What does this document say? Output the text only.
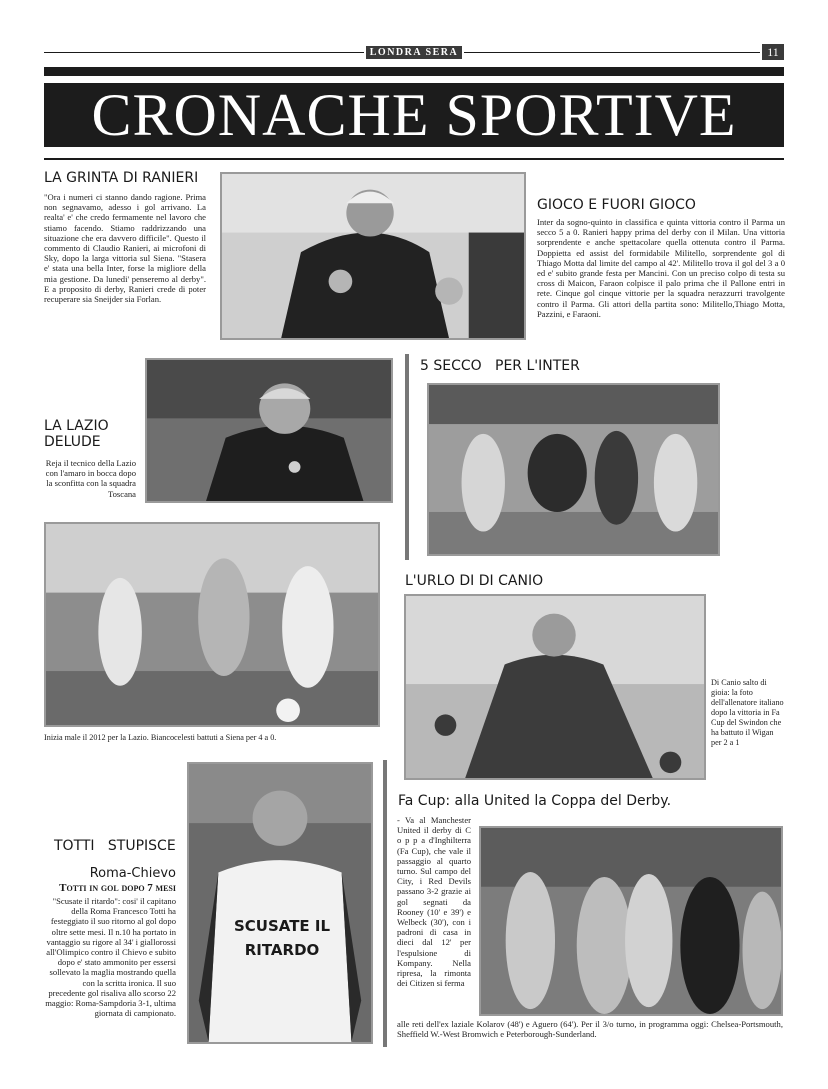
LONDRA SERA	11
CRONACHE SPORTIVE
LA GRINTA DI RANIERI
"Ora i numeri ci stanno dando ragione. Prima non segnavamo, adesso i gol arrivano. La realta' e' che credo fermamente nel lavoro che stiamo facendo. Stiamo raddrizzando una situazione che era davvero difficile". Questo il commento di Claudio Ranieri, ai microfoni di Sky, dopo la larga vittoria sul Siena. "Stasera e' stata una bella Inter, forse la migliore della mia gestione. Da lunedi' penseremo al derby". E a proposito di derby, Ranieri crede di poter recuperare sia Sneijder sia Forlan.
GIOCO E FUORI GIOCO
Inter da sogno-quinto in classifica e quinta vittoria contro il Parma un secco 5 a 0. Ranieri happy prima del derby con il Milan. Una vittoria sorprendente e anche spettacolare quella ottenuta contro il Parma. Doppietta ed assist del formidabile Militello, sorprendente gol di Thiago Motta dal limite del campo al 42'. Militello trova il gol del 3 a 0 ed e' subito grande festa per Mancini. Con un preciso colpo di testa su cross di Maicon, Faraon colpisce il palo prima che il Pallone entri in rete. Cinque gol cinque vittorie per la squadra nerazzurri travolgente contro il Parma. Gli attori della partita sono: Militello,Thiago Motta, Pazzini, e Faraoni.
LA LAZIO
DELUDE
Reja il tecnico della Lazio con l'amaro in bocca dopo la sconfitta con la squadra Toscana
5 SECCO   PER L'INTER
Inizia male il 2012 per la Lazio. Biancocelesti battuti a Siena per 4 a 0.
L'URLO DI DI CANIO
Di Canio salto di gioia: la foto dell'allenatore italiano dopo la vittoria in Fa Cup del Swindon che ha battuto il Wigan per 2 a 1
SCUSATE IL RITARDO
TOTTI   STUPISCE
Roma-Chievo
Totti in gol dopo 7 mesi
"Scusate il ritardo": cosi' il capitano della Roma Francesco Totti ha festeggiato il suo ritorno al gol dopo oltre sette mesi. Il n.10 ha portato in vantaggio su rigore al 34' i giallorossi all'Olimpico contro il Chievo e subito dopo e' stato ammonito per essersi sollevato la maglia mostrando quella con la scritta ironica. Il suo precedente gol risaliva allo scorso 22 maggio: Roma-Sampdoria 3-1, ultima giornata di campionato.
Fa Cup: alla United la Coppa del Derby.
- Va al Manchester United il derby di C o p p a d'Inghilterra (Fa Cup), che vale il passaggio al quarto turno. Sul campo del City, i Red Devils passano 3-2 grazie ai gol segnati da Rooney (10' e 39') e Welbeck (30'), con i padroni di casa in dieci dal 12' per l'espulsione di Kompany. Nella ripresa, la rimonta dei Citizen si ferma
alle reti dell'ex laziale Kolarov (48') e Aguero (64'). Per il 3/o turno, in programma oggi: Chelsea-Portsmouth, Sheffield W.-West Bromwich e Peterborough-Sunderland.
